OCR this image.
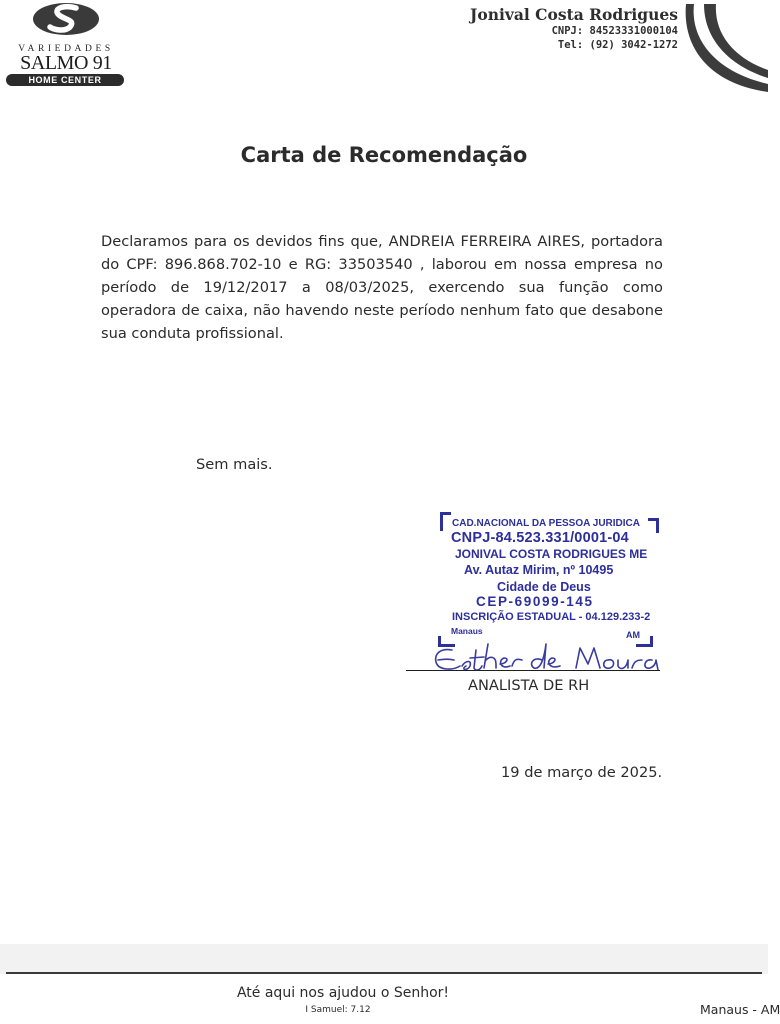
VARIEDADES
SALMO 91
HOME CENTER
Jonival Costa Rodrigues
CNPJ: 84523331000104
Tel: (92) 3042-1272
Carta de Recomendação
Declaramos para os devidos fins que, ANDREIA FERREIRA AIRES, portadora do CPF: 896.868.702-10 e RG: 33503540 , laborou em nossa empresa no período de 19/12/2017 a 08/03/2025, exercendo sua função como operadora de caixa, não havendo neste período nenhum fato que desabone sua conduta profissional.
Sem mais.
CAD.NACIONAL DA PESSOA JURIDICA
CNPJ-84.523.331/0001-04
JONIVAL COSTA RODRIGUES ME
Av. Autaz Mirim, nº 10495
Cidade de Deus
CEP-69099-145
INSCRIÇÃO ESTADUAL - 04.129.233-2
Manaus	AM
ANALISTA DE RH
19 de março de 2025.
Até aqui nos ajudou o Senhor!
I Samuel: 7.12	Manaus - AM
